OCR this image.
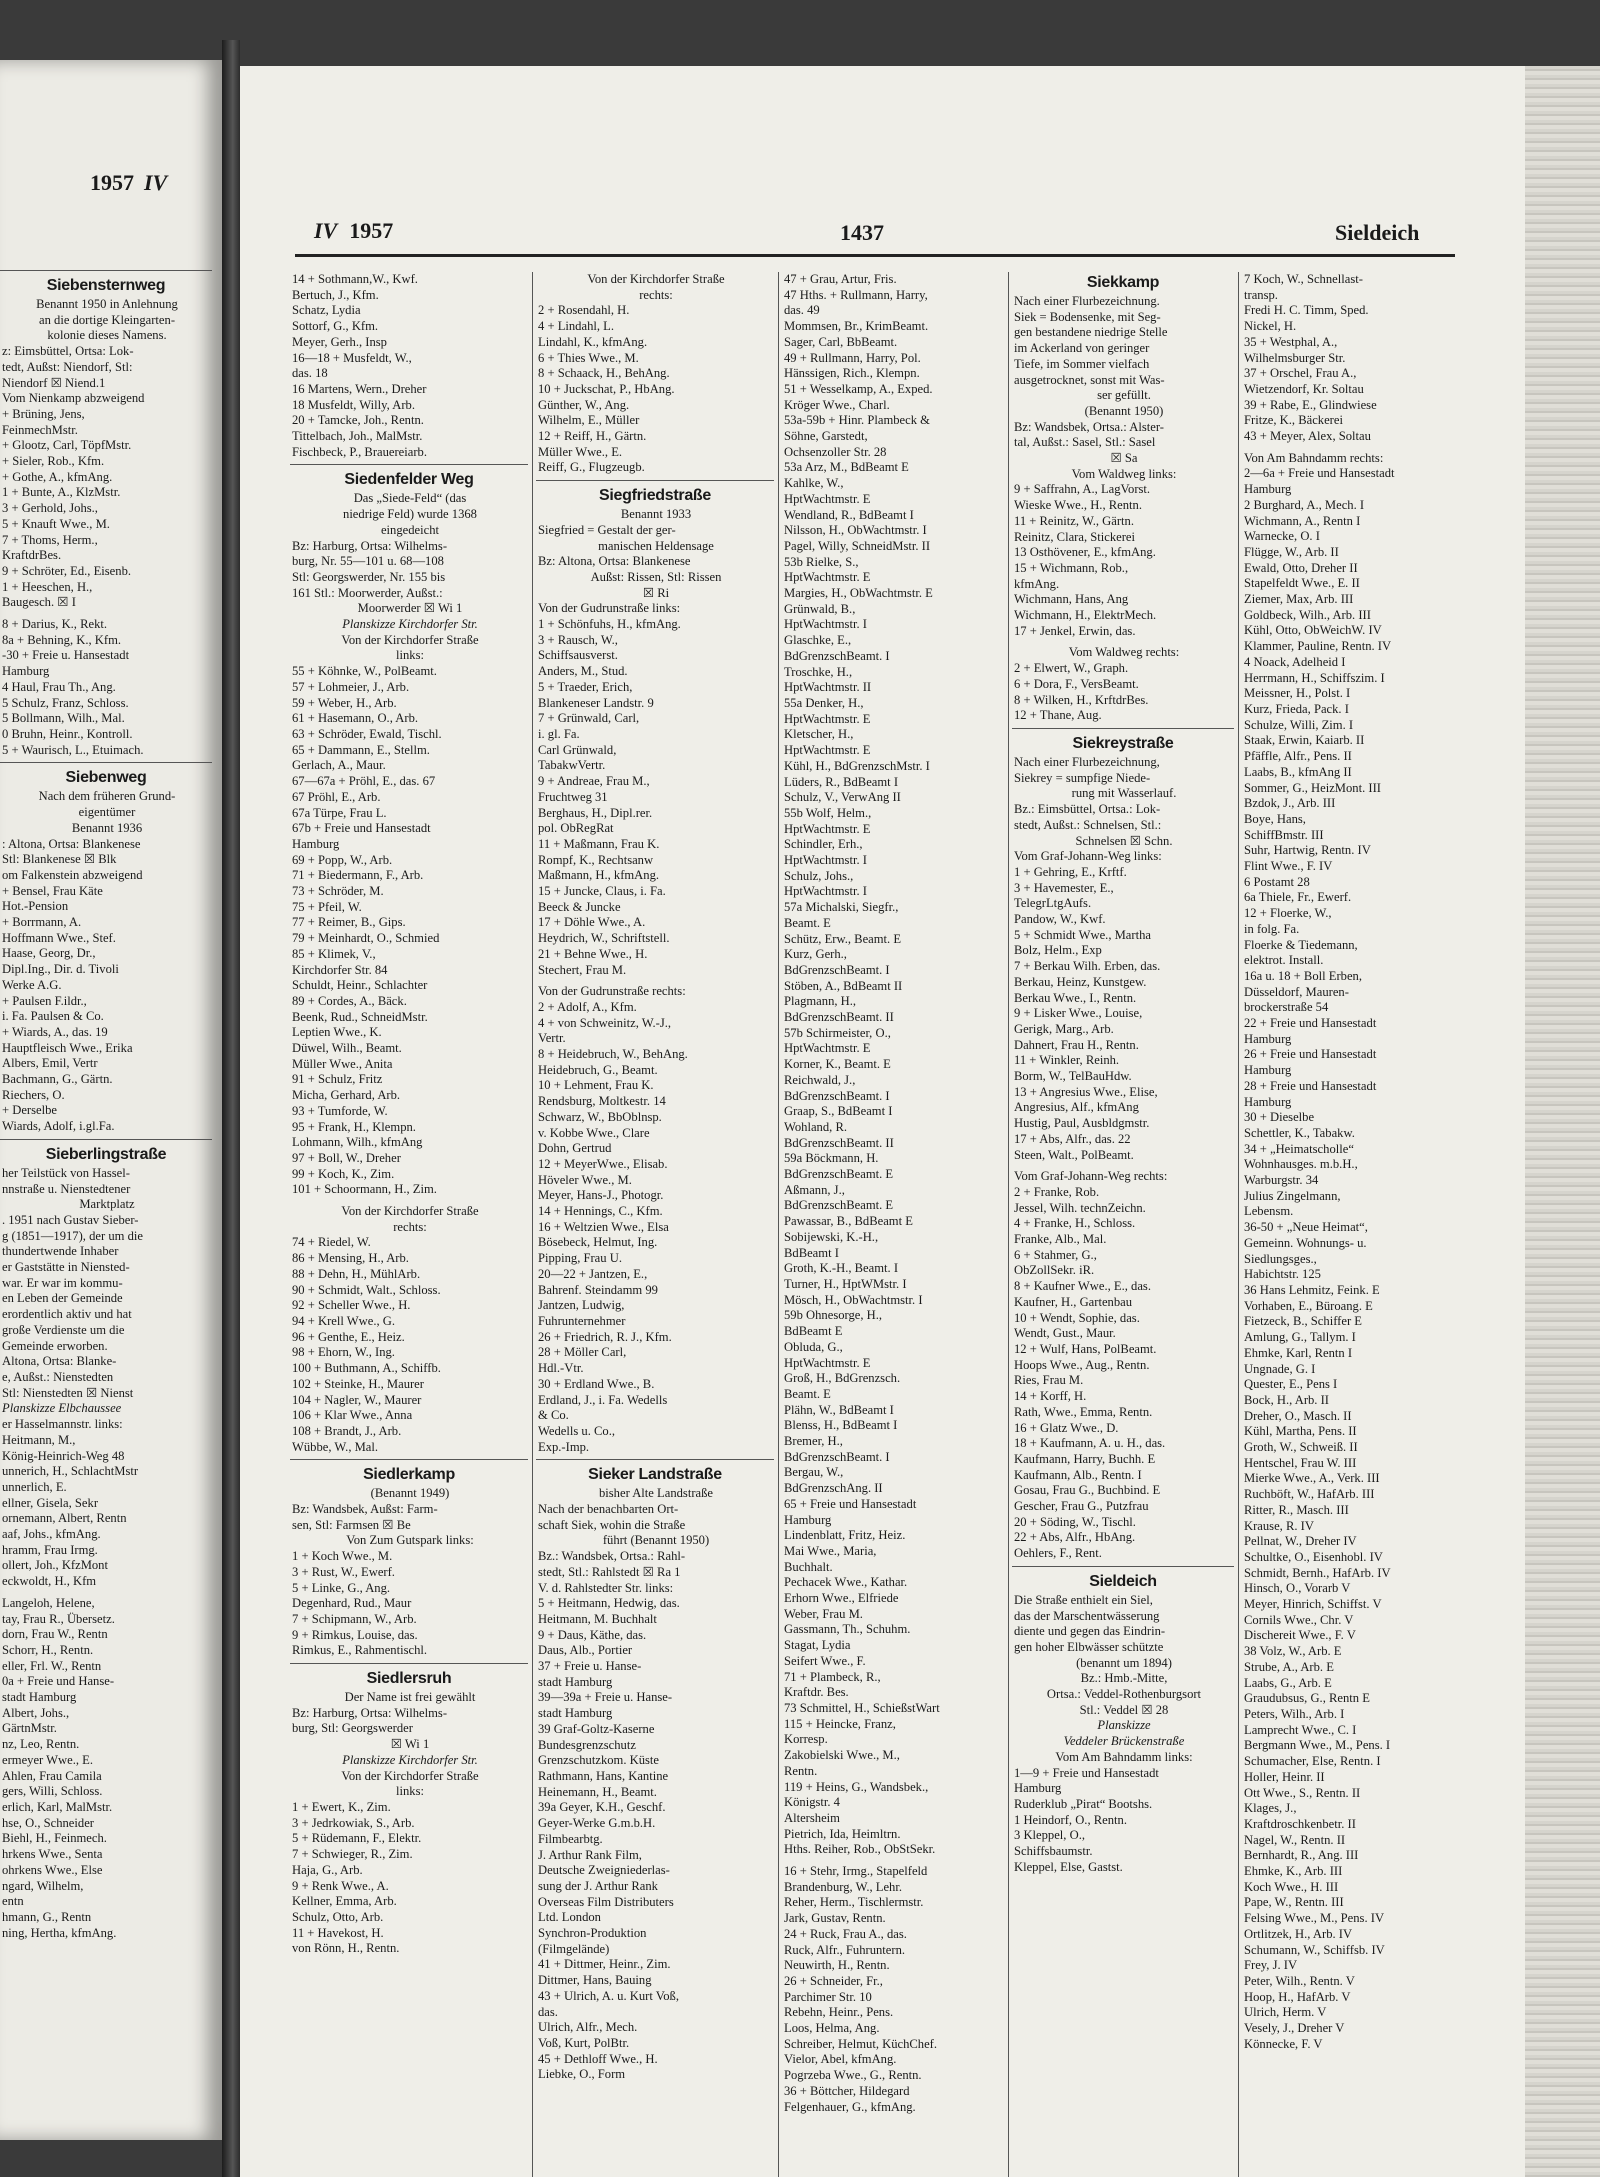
1957 IV
Siebensternweg
Benannt 1950 in Anlehnung
an die dortige Kleingarten-
kolonie dieses Namens.
z: Eimsbüttel, Ortsa: Lok-
tedt, Außst: Niendorf, Stl:
Niendorf ☒ Niend.1
Vom Nienkamp abzweigend
+ Brüning, Jens,
FeinmechMstr.
+ Glootz, Carl, TöpfMstr.
+ Sieler, Rob., Kfm.
+ Gothe, A., kfmAng.
1 + Bunte, A., KlzMstr.
3 + Gerhold, Johs.,
5 + Knauft Wwe., M.
7 + Thoms, Herm.,
KraftdrBes.
9 + Schröter, Ed., Eisenb.
1 + Heeschen, H.,
Baugesch. ☒ I
8 + Darius, K., Rekt.
8a + Behning, K., Kfm.
-30 + Freie u. Hansestadt
Hamburg
4 Haul, Frau Th., Ang.
5 Schulz, Franz, Schloss.
5 Bollmann, Wilh., Mal.
0 Bruhn, Heinr., Kontroll.
5 + Waurisch, L., Etuimach.
Siebenweg
Nach dem früheren Grund-
eigentümer
Benannt 1936
: Altona, Ortsa: Blankenese
Stl: Blankenese ☒ Blk
om Falkenstein abzweigend
+ Bensel, Frau Käte
Hot.-Pension
+ Borrmann, A.
Hoffmann Wwe., Stef.
Haase, Georg, Dr.,
Dipl.Ing., Dir. d. Tivoli
Werke A.G.
+ Paulsen F.ildr.,
i. Fa. Paulsen & Co.
+ Wiards, A., das. 19
Hauptfleisch Wwe., Erika
Albers, Emil, Vertr
Bachmann, G., Gärtn.
Riechers, O.
+ Derselbe
Wiards, Adolf, i.gl.Fa.
Sieberlingstraße
her Teilstück von Hassel-
nnstraße u. Nienstedtener
Marktplatz
. 1951 nach Gustav Sieber-
g (1851—1917), der um die
thundertwende Inhaber
er Gaststätte in Niensted-
war. Er war im kommu-
en Leben der Gemeinde
erordentlich aktiv und hat
große Verdienste um die
Gemeinde erworben.
Altona, Ortsa: Blanke-
e, Außst.: Nienstedten
Stl: Nienstedten ☒ Nienst
Planskizze Elbchaussee
er Hasselmannstr. links:
Heitmann, M.,
König-Heinrich-Weg 48
unnerich, H., SchlachtMstr
unnerlich, E.
ellner, Gisela, Sekr
ornemann, Albert, Rentn
aaf, Johs., kfmAng.
hramm, Frau Irmg.
ollert, Joh., KfzMont
eckwoldt, H., Kfm
Langeloh, Helene,
tay, Frau R., Übersetz.
dorn, Frau W., Rentn
Schorr, H., Rentn.
eller, Frl. W., Rentn
0a + Freie und Hanse-
stadt Hamburg
Albert, Johs.,
GärtnMstr.
nz, Leo, Rentn.
ermeyer Wwe., E.
Ahlen, Frau Camila
gers, Willi, Schloss.
erlich, Karl, MalMstr.
hse, O., Schneider
Biehl, H., Feinmech.
hrkens Wwe., Senta
ohrkens Wwe., Else
ngard, Wilhelm,
entn
hmann, G., Rentn
ning, Hertha, kfmAng.
IV 1957	1437	Sieldeich
14 + Sothmann,W., Kwf.
Bertuch, J., Kfm.
Schatz, Lydia
Sottorf, G., Kfm.
Meyer, Gerh., Insp
16—18 + Musfeldt, W.,
das. 18
16 Martens, Wern., Dreher
18 Musfeldt, Willy, Arb.
20 + Tamcke, Joh., Rentn.
Tittelbach, Joh., MalMstr.
Fischbeck, P., Brauereiarb.
Siedenfelder Weg
Das „Siede-Feld“ (das
niedrige Feld) wurde 1368
eingedeicht
Bz: Harburg, Ortsa: Wilhelms-
burg, Nr. 55—101 u. 68—108
Stl: Georgswerder, Nr. 155 bis
161 Stl.: Moorwerder, Außst.:
Moorwerder ☒ Wi 1
Planskizze Kirchdorfer Str.
Von der Kirchdorfer Straße
links:
55 + Köhnke, W., PolBeamt.
57 + Lohmeier, J., Arb.
59 + Weber, H., Arb.
61 + Hasemann, O., Arb.
63 + Schröder, Ewald, Tischl.
65 + Dammann, E., Stellm.
Gerlach, A., Maur.
67—67a + Pröhl, E., das. 67
67 Pröhl, E., Arb.
67a Türpe, Frau L.
67b + Freie und Hansestadt
Hamburg
69 + Popp, W., Arb.
71 + Biedermann, F., Arb.
73 + Schröder, M.
75 + Pfeil, W.
77 + Reimer, B., Gips.
79 + Meinhardt, O., Schmied
85 + Klimek, V.,
Kirchdorfer Str. 84
Schuldt, Heinr., Schlachter
89 + Cordes, A., Bäck.
Beenk, Rud., SchneidMstr.
Leptien Wwe., K.
Düwel, Wilh., Beamt.
Müller Wwe., Anita
91 + Schulz, Fritz
Micha, Gerhard, Arb.
93 + Tumforde, W.
95 + Frank, H., Klempn.
Lohmann, Wilh., kfmAng
97 + Boll, W., Dreher
99 + Koch, K., Zim.
101 + Schoormann, H., Zim.
Von der Kirchdorfer Straße
rechts:
74 + Riedel, W.
86 + Mensing, H., Arb.
88 + Dehn, H., MühlArb.
90 + Schmidt, Walt., Schloss.
92 + Scheller Wwe., H.
94 + Krell Wwe., G.
96 + Genthe, E., Heiz.
98 + Ehorn, W., Ing.
100 + Buthmann, A., Schiffb.
102 + Steinke, H., Maurer
104 + Nagler, W., Maurer
106 + Klar Wwe., Anna
108 + Brandt, J., Arb.
Wübbe, W., Mal.
Siedlerkamp
(Benannt 1949)
Bz: Wandsbek, Außst: Farm-
sen, Stl: Farmsen ☒ Be
Von Zum Gutspark links:
1 + Koch Wwe., M.
3 + Rust, W., Ewerf.
5 + Linke, G., Ang.
Degenhard, Rud., Maur
7 + Schipmann, W., Arb.
9 + Rimkus, Louise, das.
Rimkus, E., Rahmentischl.
Siedlersruh
Der Name ist frei gewählt
Bz: Harburg, Ortsa: Wilhelms-
burg, Stl: Georgswerder
☒ Wi 1
Planskizze Kirchdorfer Str.
Von der Kirchdorfer Straße
links:
1 + Ewert, K., Zim.
3 + Jedrkowiak, S., Arb.
5 + Rüdemann, F., Elektr.
7 + Schwieger, R., Zim.
Haja, G., Arb.
9 + Renk Wwe., A.
Kellner, Emma, Arb.
Schulz, Otto, Arb.
11 + Havekost, H.
von Rönn, H., Rentn.
Von der Kirchdorfer Straße
rechts:
2 + Rosendahl, H.
4 + Lindahl, L.
Lindahl, K., kfmAng.
6 + Thies Wwe., M.
8 + Schaack, H., BehAng.
10 + Juckschat, P., HbAng.
Günther, W., Ang.
Wilhelm, E., Müller
12 + Reiff, H., Gärtn.
Müller Wwe., E.
Reiff, G., Flugzeugb.
Siegfriedstraße
Benannt 1933
Siegfried = Gestalt der ger-
manischen Heldensage
Bz: Altona, Ortsa: Blankenese
Außst: Rissen, Stl: Rissen
☒ Ri
Von der Gudrunstraße links:
1 + Schönfuhs, H., kfmAng.
3 + Rausch, W.,
Schiffsausverst.
Anders, M., Stud.
5 + Traeder, Erich,
Blankeneser Landstr. 9
7 + Grünwald, Carl,
i. gl. Fa.
Carl Grünwald,
TabakwVertr.
9 + Andreae, Frau M.,
Fruchtweg 31
Berghaus, H., Dipl.rer.
pol. ObRegRat
11 + Maßmann, Frau K.
Rompf, K., Rechtsanw
Maßmann, H., kfmAng.
15 + Juncke, Claus, i. Fa.
Beeck & Juncke
17 + Döhle Wwe., A.
Heydrich, W., Schriftstell.
21 + Behne Wwe., H.
Stechert, Frau M.
Von der Gudrunstraße rechts:
2 + Adolf, A., Kfm.
4 + von Schweinitz, W.-J.,
Vertr.
8 + Heidebruch, W., BehAng.
Heidebruch, G., Beamt.
10 + Lehment, Frau K.
Rendsburg, Moltkestr. 14
Schwarz, W., BbOblnsp.
v. Kobbe Wwe., Clare
Dohn, Gertrud
12 + MeyerWwe., Elisab.
Höveler Wwe., M.
Meyer, Hans-J., Photogr.
14 + Hennings, C., Kfm.
16 + Weltzien Wwe., Elsa
Bösebeck, Helmut, Ing.
Pipping, Frau U.
20—22 + Jantzen, E.,
Bahrenf. Steindamm 99
Jantzen, Ludwig,
Fuhrunternehmer
26 + Friedrich, R. J., Kfm.
28 + Möller Carl,
Hdl.-Vtr.
30 + Erdland Wwe., B.
Erdland, J., i. Fa. Wedells
& Co.
Wedells u. Co.,
Exp.-Imp.
Sieker Landstraße
bisher Alte Landstraße
Nach der benachbarten Ort-
schaft Siek, wohin die Straße
führt (Benannt 1950)
Bz.: Wandsbek, Ortsa.: Rahl-
stedt, Stl.: Rahlstedt ☒ Ra 1
V. d. Rahlstedter Str. links:
5 + Heitmann, Hedwig, das.
Heitmann, M. Buchhalt
9 + Daus, Käthe, das.
Daus, Alb., Portier
37 + Freie u. Hanse-
stadt Hamburg
39—39a + Freie u. Hanse-
stadt Hamburg
39 Graf-Goltz-Kaserne
Bundesgrenzschutz
Grenzschutzkom. Küste
Rathmann, Hans, Kantine
Heinemann, H., Beamt.
39a Geyer, K.H., Geschf.
Geyer-Werke G.m.b.H.
Filmbearbtg.
J. Arthur Rank Film,
Deutsche Zweigniederlas-
sung der J. Arthur Rank
Overseas Film Distributers
Ltd. London
Synchron-Produktion
(Filmgelände)
41 + Dittmer, Heinr., Zim.
Dittmer, Hans, Bauing
43 + Ulrich, A. u. Kurt Voß,
das.
Ulrich, Alfr., Mech.
Voß, Kurt, PolBtr.
45 + Dethloff Wwe., H.
Liebke, O., Form
47 + Grau, Artur, Fris.
47 Hths. + Rullmann, Harry,
das. 49
Mommsen, Br., KrimBeamt.
Sager, Carl, BbBeamt.
49 + Rullmann, Harry, Pol.
Hänssigen, Rich., Klempn.
51 + Wesselkamp, A., Exped.
Kröger Wwe., Charl.
53a-59b + Hinr. Plambeck &
Söhne, Garstedt,
Ochsenzoller Str. 28
53a Arz, M., BdBeamt E
Kahlke, W.,
HptWachtmstr. E
Wendland, R., BdBeamt I
Nilsson, H., ObWachtmstr. I
Pagel, Willy, SchneidMstr. II
53b Rielke, S.,
HptWachtmstr. E
Margies, H., ObWachtmstr. E
Grünwald, B.,
HptWachtmstr. I
Glaschke, E.,
BdGrenzschBeamt. I
Troschke, H.,
HptWachtmstr. II
55a Denker, H.,
HptWachtmstr. E
Kletscher, H.,
HptWachtmstr. E
Kühl, H., BdGrenzschMstr. I
Lüders, R., BdBeamt I
Schulz, V., VerwAng II
55b Wolf, Helm.,
HptWachtmstr. E
Schindler, Erh.,
HptWachtmstr. I
Schulz, Johs.,
HptWachtmstr. I
57a Michalski, Siegfr.,
Beamt. E
Schütz, Erw., Beamt. E
Kurz, Gerh.,
BdGrenzschBeamt. I
Stöben, A., BdBeamt II
Plagmann, H.,
BdGrenzschBeamt. II
57b Schirmeister, O.,
HptWachtmstr. E
Korner, K., Beamt. E
Reichwald, J.,
BdGrenzschBeamt. I
Graap, S., BdBeamt I
Wohland, R.
BdGrenzschBeamt. II
59a Böckmann, H.
BdGrenzschBeamt. E
Aßmann, J.,
BdGrenzschBeamt. E
Pawassar, B., BdBeamt E
Sobijewski, K.-H.,
BdBeamt I
Groth, K.-H., Beamt. I
Turner, H., HptWMstr. I
Mösch, H., ObWachtmstr. I
59b Ohnesorge, H.,
BdBeamt E
Obluda, G.,
HptWachtmstr. E
Groß, H., BdGrenzsch.
Beamt. E
Plähn, W., BdBeamt I
Blenss, H., BdBeamt I
Bremer, H.,
BdGrenzschBeamt. I
Bergau, W.,
BdGrenzschAng. II
65 + Freie und Hansestadt
Hamburg
Lindenblatt, Fritz, Heiz.
Mai Wwe., Maria,
Buchhalt.
Pechacek Wwe., Kathar.
Erhorn Wwe., Elfriede
Weber, Frau M.
Gassmann, Th., Schuhm.
Stagat, Lydia
Seifert Wwe., F.
71 + Plambeck, R.,
Kraftdr. Bes.
73 Schmittel, H., SchießstWart
115 + Heincke, Franz,
Korresp.
Zakobielski Wwe., M.,
Rentn.
119 + Heins, G., Wandsbek.,
Königstr. 4
Altersheim
Pietrich, Ida, Heimltrn.
Hths. Reiher, Rob., ObStSekr.
16 + Stehr, Irmg., Stapelfeld
Brandenburg, W., Lehr.
Reher, Herm., Tischlermstr.
Jark, Gustav, Rentn.
24 + Ruck, Frau A., das.
Ruck, Alfr., Fuhruntern.
Neuwirth, H., Rentn.
26 + Schneider, Fr.,
Parchimer Str. 10
Rebehn, Heinr., Pens.
Loos, Helma, Ang.
Schreiber, Helmut, KüchChef.
Vielor, Abel, kfmAng.
Pogrzeba Wwe., G., Rentn.
36 + Böttcher, Hildegard
Felgenhauer, G., kfmAng.
Siekkamp
Nach einer Flurbezeichnung.
Siek = Bodensenke, mit Seg-
gen bestandene niedrige Stelle
im Ackerland von geringer
Tiefe, im Sommer vielfach
ausgetrocknet, sonst mit Was-
ser gefüllt.
(Benannt 1950)
Bz: Wandsbek, Ortsa.: Alster-
tal, Außst.: Sasel, Stl.: Sasel
☒ Sa
Vom Waldweg links:
9 + Saffrahn, A., LagVorst.
Wieske Wwe., H., Rentn.
11 + Reinitz, W., Gärtn.
Reinitz, Clara, Stickerei
13 Osthövener, E., kfmAng.
15 + Wichmann, Rob.,
kfmAng.
Wichmann, Hans, Ang
Wichmann, H., ElektrMech.
17 + Jenkel, Erwin, das.
Vom Waldweg rechts:
2 + Elwert, W., Graph.
6 + Dora, F., VersBeamt.
8 + Wilken, H., KrftdrBes.
12 + Thane, Aug.
Siekreystraße
Nach einer Flurbezeichnung,
Siekrey = sumpfige Niede-
rung mit Wasserlauf.
Bz.: Eimsbüttel, Ortsa.: Lok-
stedt, Außst.: Schnelsen, Stl.:
Schnelsen ☒ Schn.
Vom Graf-Johann-Weg links:
1 + Gehring, E., Krftf.
3 + Havemester, E.,
TelegrLtgAufs.
Pandow, W., Kwf.
5 + Schmidt Wwe., Martha
Bolz, Helm., Exp
7 + Berkau Wilh. Erben, das.
Berkau, Heinz, Kunstgew.
Berkau Wwe., I., Rentn.
9 + Lisker Wwe., Louise,
Gerigk, Marg., Arb.
Dahnert, Frau H., Rentn.
11 + Winkler, Reinh.
Borm, W., TelBauHdw.
13 + Angresius Wwe., Elise,
Angresius, Alf., kfmAng
Hustig, Paul, Ausbldgmstr.
17 + Abs, Alfr., das. 22
Steen, Walt., PolBeamt.
Vom Graf-Johann-Weg rechts:
2 + Franke, Rob.
Jessel, Wilh. technZeichn.
4 + Franke, H., Schloss.
Franke, Alb., Mal.
6 + Stahmer, G.,
ObZollSekr. iR.
8 + Kaufner Wwe., E., das.
Kaufner, H., Gartenbau
10 + Wendt, Sophie, das.
Wendt, Gust., Maur.
12 + Wulf, Hans, PolBeamt.
Hoops Wwe., Aug., Rentn.
Ries, Frau M.
14 + Korff, H.
Rath, Wwe., Emma, Rentn.
16 + Glatz Wwe., D.
18 + Kaufmann, A. u. H., das.
Kaufmann, Harry, Buchh. E
Kaufmann, Alb., Rentn. I
Gosau, Frau G., Buchbind. E
Gescher, Frau G., Putzfrau
20 + Söding, W., Tischl.
22 + Abs, Alfr., HbAng.
Oehlers, F., Rent.
Sieldeich
Die Straße enthielt ein Siel,
das der Marschentwässerung
diente und gegen das Eindrin-
gen hoher Elbwässer schützte
(benannt um 1894)
Bz.: Hmb.-Mitte,
Ortsa.: Veddel-Rothenburgsort
Stl.: Veddel ☒ 28
Planskizze
Veddeler Brückenstraße
Vom Am Bahndamm links:
1—9 + Freie und Hansestadt
Hamburg
Ruderklub „Pirat“ Bootshs.
1 Heindorf, O., Rentn.
3 Kleppel, O.,
Schiffsbaumstr.
Kleppel, Else, Gastst.
7 Koch, W., Schnellast-
transp.
Fredi H. C. Timm, Sped.
Nickel, H.
35 + Westphal, A.,
Wilhelmsburger Str.
37 + Orschel, Frau A.,
Wietzendorf, Kr. Soltau
39 + Rabe, E., Glindwiese
Fritze, K., Bäckerei
43 + Meyer, Alex, Soltau
Von Am Bahndamm rechts:
2—6a + Freie und Hansestadt
Hamburg
2 Burghard, A., Mech. I
Wichmann, A., Rentn I
Warnecke, O. I
Flügge, W., Arb. II
Ewald, Otto, Dreher II
Stapelfeldt Wwe., E. II
Ziemer, Max, Arb. III
Goldbeck, Wilh., Arb. III
Kühl, Otto, ObWeichW. IV
Klammer, Pauline, Rentn. IV
4 Noack, Adelheid I
Herrmann, H., Schiffszim. I
Meissner, H., Polst. I
Kurz, Frieda, Pack. I
Schulze, Willi, Zim. I
Staak, Erwin, Kaiarb. II
Pfäffle, Alfr., Pens. II
Laabs, B., kfmAng II
Sommer, G., HeizMont. III
Bzdok, J., Arb. III
Boye, Hans,
SchiffBmstr. III
Suhr, Hartwig, Rentn. IV
Flint Wwe., F. IV
6 Postamt 28
6a Thiele, Fr., Ewerf.
12 + Floerke, W.,
in folg. Fa.
Floerke & Tiedemann,
elektrot. Install.
16a u. 18 + Boll Erben,
Düsseldorf, Mauren-
brockerstraße 54
22 + Freie und Hansestadt
Hamburg
26 + Freie und Hansestadt
Hamburg
28 + Freie und Hansestadt
Hamburg
30 + Dieselbe
Schettler, K., Tabakw.
34 + „Heimatscholle“
Wohnhausges. m.b.H.,
Warburgstr. 34
Julius Zingelmann,
Lebensm.
36-50 + „Neue Heimat“,
Gemeinn. Wohnungs- u.
Siedlungsges.,
Habichtstr. 125
36 Hans Lehmitz, Feink. E
Vorhaben, E., Büroang. E
Fietzeck, B., Schiffer E
Amlung, G., Tallym. I
Ehmke, Karl, Rentn I
Ungnade, G. I
Quester, E., Pens I
Bock, H., Arb. II
Dreher, O., Masch. II
Kühl, Martha, Pens. II
Groth, W., Schweiß. II
Hentschel, Frau W. III
Mierke Wwe., A., Verk. III
Ruchböft, W., HafArb. III
Ritter, R., Masch. III
Krause, R. IV
Pellnat, W., Dreher IV
Schultke, O., Eisenhobl. IV
Schmidt, Bernh., HafArb. IV
Hinsch, O., Vorarb V
Meyer, Hinrich, Schiffst. V
Cornils Wwe., Chr. V
Dischereit Wwe., F. V
38 Volz, W., Arb. E
Strube, A., Arb. E
Laabs, G., Arb. E
Graudubsus, G., Rentn E
Peters, Wilh., Arb. I
Lamprecht Wwe., C. I
Bergmann Wwe., M., Pens. I
Schumacher, Else, Rentn. I
Holler, Heinr. II
Ott Wwe., S., Rentn. II
Klages, J.,
Kraftdroschkenbetr. II
Nagel, W., Rentn. II
Bernhardt, R., Ang. III
Ehmke, K., Arb. III
Koch Wwe., H. III
Pape, W., Rentn. III
Felsing Wwe., M., Pens. IV
Ortlitzek, H., Arb. IV
Schumann, W., Schiffsb. IV
Frey, J. IV
Peter, Wilh., Rentn. V
Hoop, H., HafArb. V
Ulrich, Herm. V
Vesely, J., Dreher V
Könnecke, F. V
